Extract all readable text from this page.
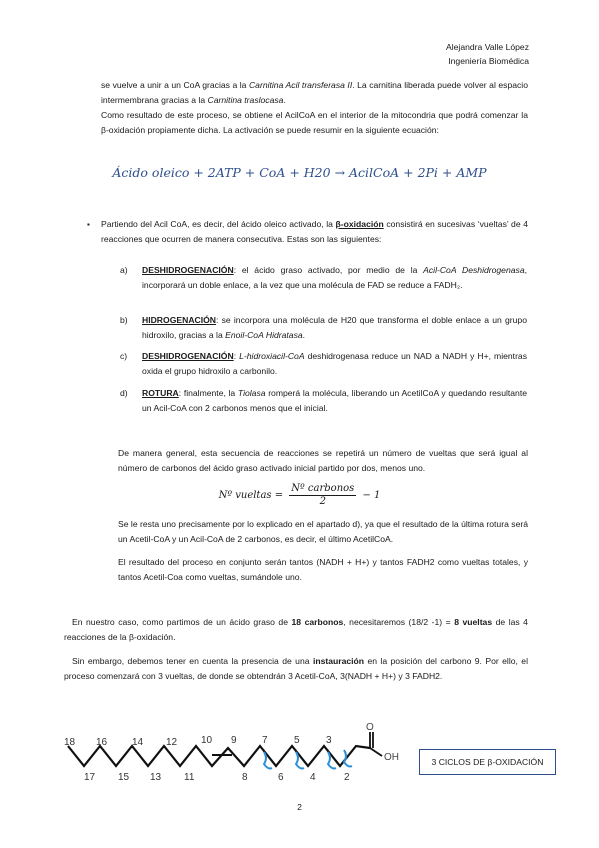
Alejandra Valle López
Ingeniería Biomédica

se vuelve a unir a un CoA gracias a la Carnitina Acil transferasa II. La carnitina liberada puede volver al espacio intermembrana gracias a la Carnitina traslocasa.

Como resultado de este proceso, se obtiene el AcilCoA en el interior de la mitocondria que podrá comenzar la β-oxidación propiamente dicha. La activación se puede resumir en la siguiente ecuación:

Ácido oleico + 2ATP + CoA + H20 → AcilCoA + 2Pi + AMP
▪ Partiendo del Acil CoA, es decir, del ácido oleico activado, la β-oxidación consistirá en sucesivas ‘vueltas’ de 4 reacciones que ocurren de manera consecutiva. Estas son las siguientes:
a) DESHIDROGENACIÓN: el ácido graso activado, por medio de la Acil-CoA Deshidrogenasa, incorporará un doble enlace, a la vez que una molécula de FAD se reduce a FADH₂.
b) HIDROGENACIÓN: se incorpora una molécula de H20 que transforma el doble enlace a un grupo hidroxilo, gracias a la Enoil-CoA Hidratasa.
c) DESHIDROGENACIÓN: L-hidroxiacil-CoA deshidrogenasa reduce un NAD a NADH y H+, mientras oxida el grupo hidroxilo a carbonilo.
d) ROTURA: finalmente, la Tiolasa romperá la molécula, liberando un AcetilCoA y quedando resultante un Acil-CoA con 2 carbonos menos que el inicial.
De manera general, esta secuencia de reacciones se repetirá un número de vueltas que será igual al número de carbonos del ácido graso activado inicial partido por dos, menos uno.
Nº vueltas = $\frac{\text{Nº carbonos}}{2} - 1$
Se le resta uno precisamente por lo explicado en el apartado d), ya que el resultado de la última rotura será un Acetil-CoA y un Acil-CoA de 2 carbonos, es decir, el último AcetilCoA.
El resultado del proceso en conjunto serán tantos (NADH + H+) y tantos FADH2 como vueltas totales, y tantos Acetil-Coa como vueltas, sumándole uno.
En nuestro caso, como partimos de un ácido graso de 18 carbonos, necesitaremos (18/2 -1) = 8 vueltas de las 4 reacciones de la β-oxidación.
Sin embargo, debemos tener en cuenta la presencia de una instauración en la posición del carbono 9. Por ello, el proceso comenzará con 3 vueltas, de donde se obtendrán 3 Acetil-CoA, 3(NADH + H+) y 3 FADH2.
O
OH
18 16 14 12 10 9	7	5	3
17 15 13 11	8	6	4	2
3 CICLOS DE β-OXIDACIÓN
2
